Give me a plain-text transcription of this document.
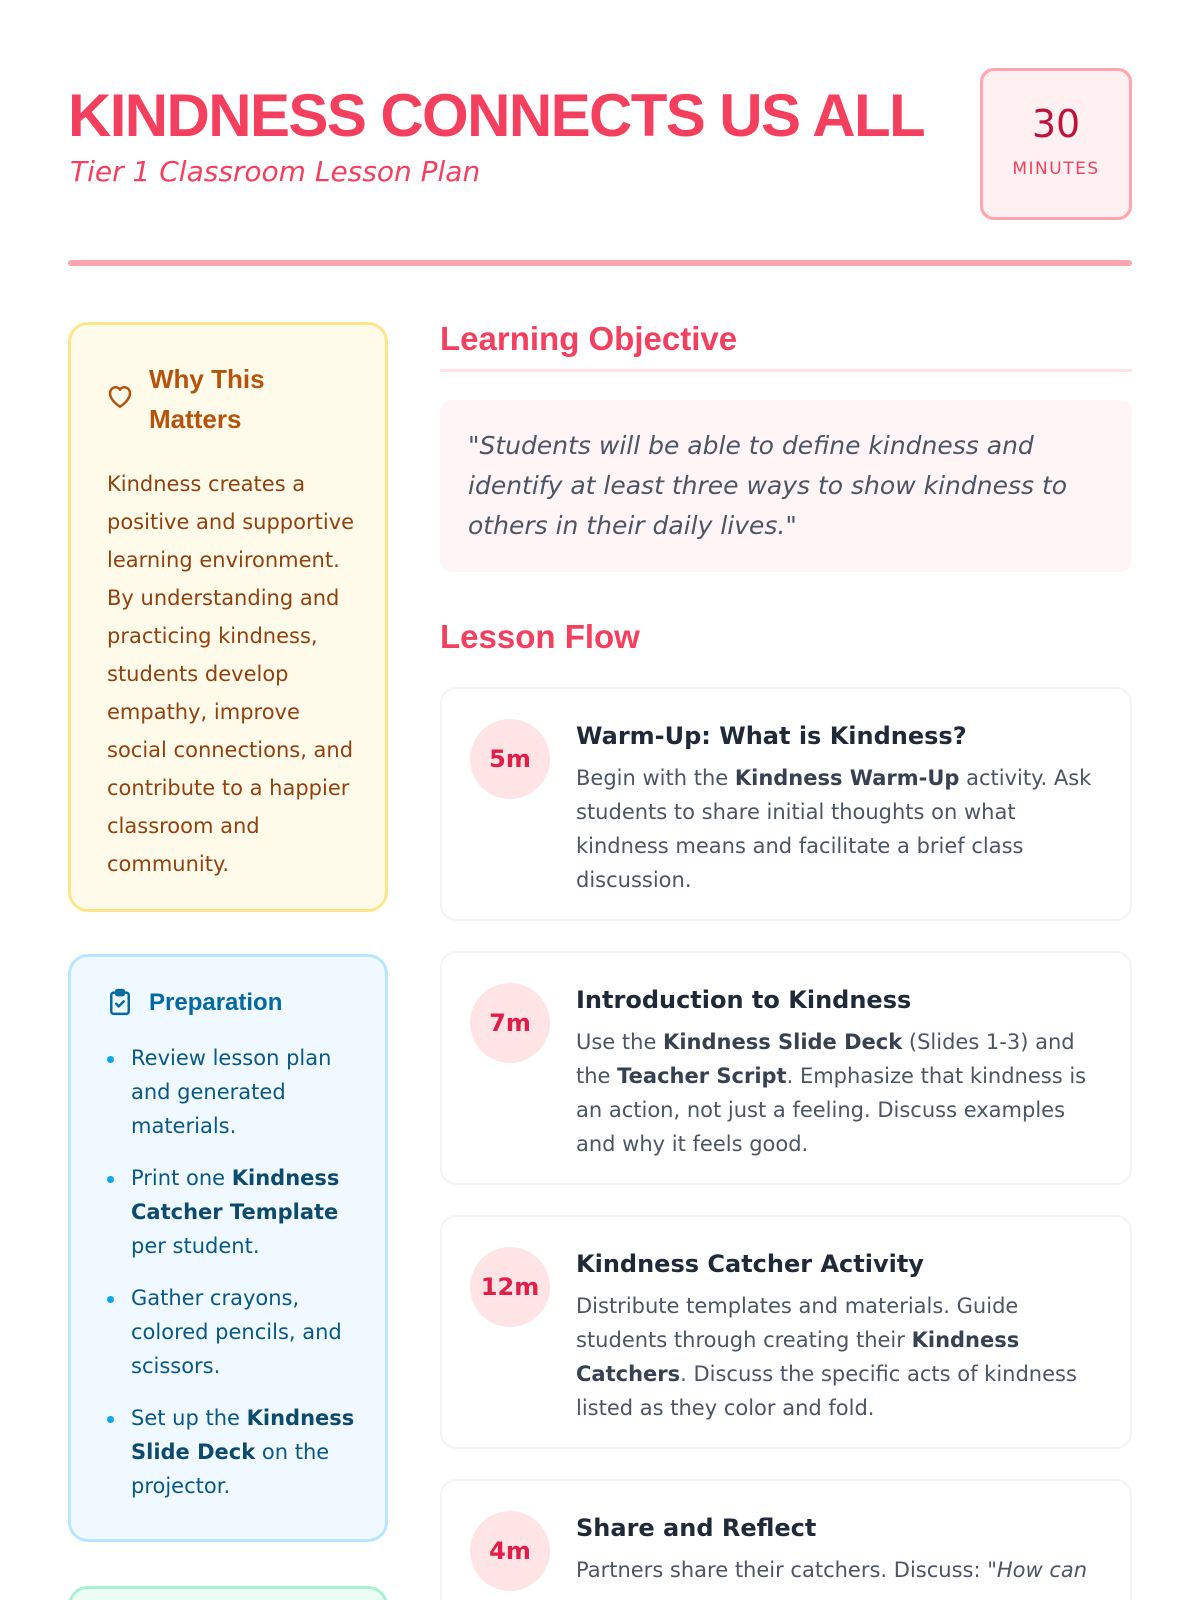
KINDNESS CONNECTS US ALL
Tier 1 Classroom Lesson Plan
30
MINUTES
Why This Matters

Kindness creates a positive and supportive learning environment. By understanding and practicing kindness, students develop empathy, improve social connections, and contribute to a happier classroom and community.

Preparation
Review lesson plan and generated materials.
Print one Kindness Catcher Template per student.
Gather crayons, colored pencils, and scissors.
Set up the Kindness Slide Deck on the projector.
Learning Objective
"Students will be able to define kindness and identify at least three ways to show kindness to others in their daily lives."
Lesson Flow
5m
Warm-Up: What is Kindness?
Begin with the Kindness Warm-Up activity. Ask students to share initial thoughts on what kindness means and facilitate a brief class discussion.
7m
Introduction to Kindness
Use the Kindness Slide Deck (Slides 1-3) and the Teacher Script. Emphasize that kindness is an action, not just a feeling. Discuss examples and why it feels good.
12m
Kindness Catcher Activity
Distribute templates and materials. Guide students through creating their Kindness Catchers. Discuss the specific acts of kindness listed as they color and fold.
4m
Share and Reflect
Partners share their catchers. Discuss: "How can
